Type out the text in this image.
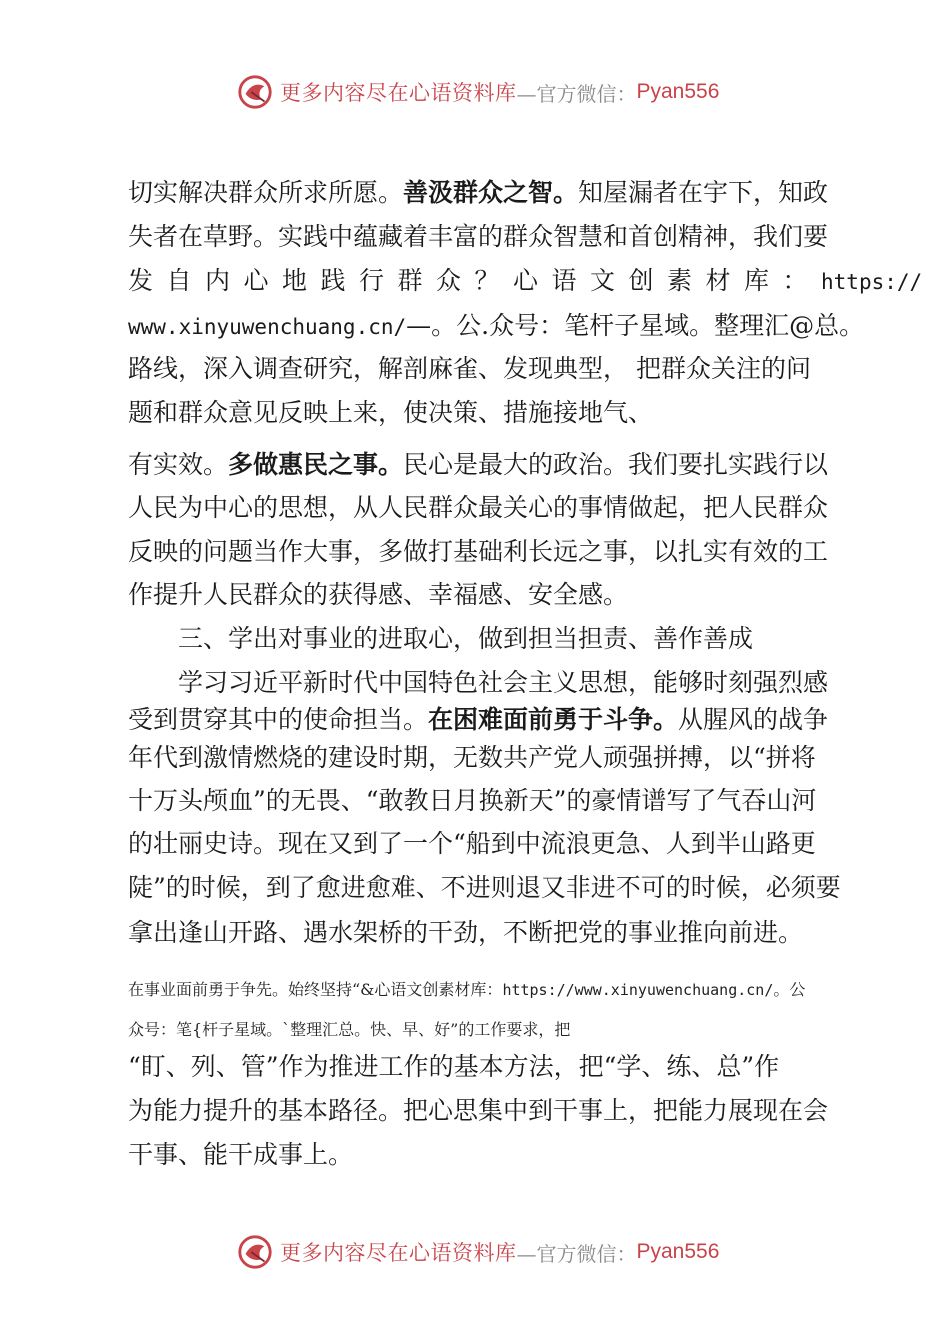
更多内容尽在心语资料库 —官方微信： Pyan556
切实解决群众所求所愿。善汲群众之智。知屋漏者在宇下，知政
失者在草野。实践中蕴藏着丰富的群众智慧和首创精神，我们要
发自内心地践行群众？心语文创素材库：https://
www.xinyuwenchuang.cn/—。公.众号：笔杆子星域。整理汇@总。
路线，深入调查研究，解剖麻雀、发现典型， 把群众关注的问
题和群众意见反映上来，使决策、措施接地气、
有实效。多做惠民之事。民心是最大的政治。我们要扎实践行以
人民为中心的思想，从人民群众最关心的事情做起，把人民群众
反映的问题当作大事，多做打基础利长远之事，以扎实有效的工
作提升人民群众的获得感、幸福感、安全感。
三、学出对事业的进取心，做到担当担责、善作善成
学习习近平新时代中国特色社会主义思想，能够时刻强烈感
受到贯穿其中的使命担当。在困难面前勇于斗争。从腥风的战争
年代到激情燃烧的建设时期，无数共产党人顽强拼搏，以“拼将
十万头颅血”的无畏、“敢教日月换新天”的豪情谱写了气吞山河
的壮丽史诗。现在又到了一个“船到中流浪更急、人到半山路更
陡”的时候，到了愈进愈难、不进则退又非进不可的时候，必须要
拿出逢山开路、遇水架桥的干劲，不断把党的事业推向前进。
在事业面前勇于争先。始终坚持“&心语文创素材库：https://www.xinyuwenchuang.cn/。公
众号：笔{杆子星域。`整理汇总。快、早、好”的工作要求，把
“盯、列、管”作为推进工作的基本方法，把“学、练、总”作
为能力提升的基本路径。把心思集中到干事上，把能力展现在会
干事、能干成事上。
更多内容尽在心语资料库 —官方微信： Pyan556
